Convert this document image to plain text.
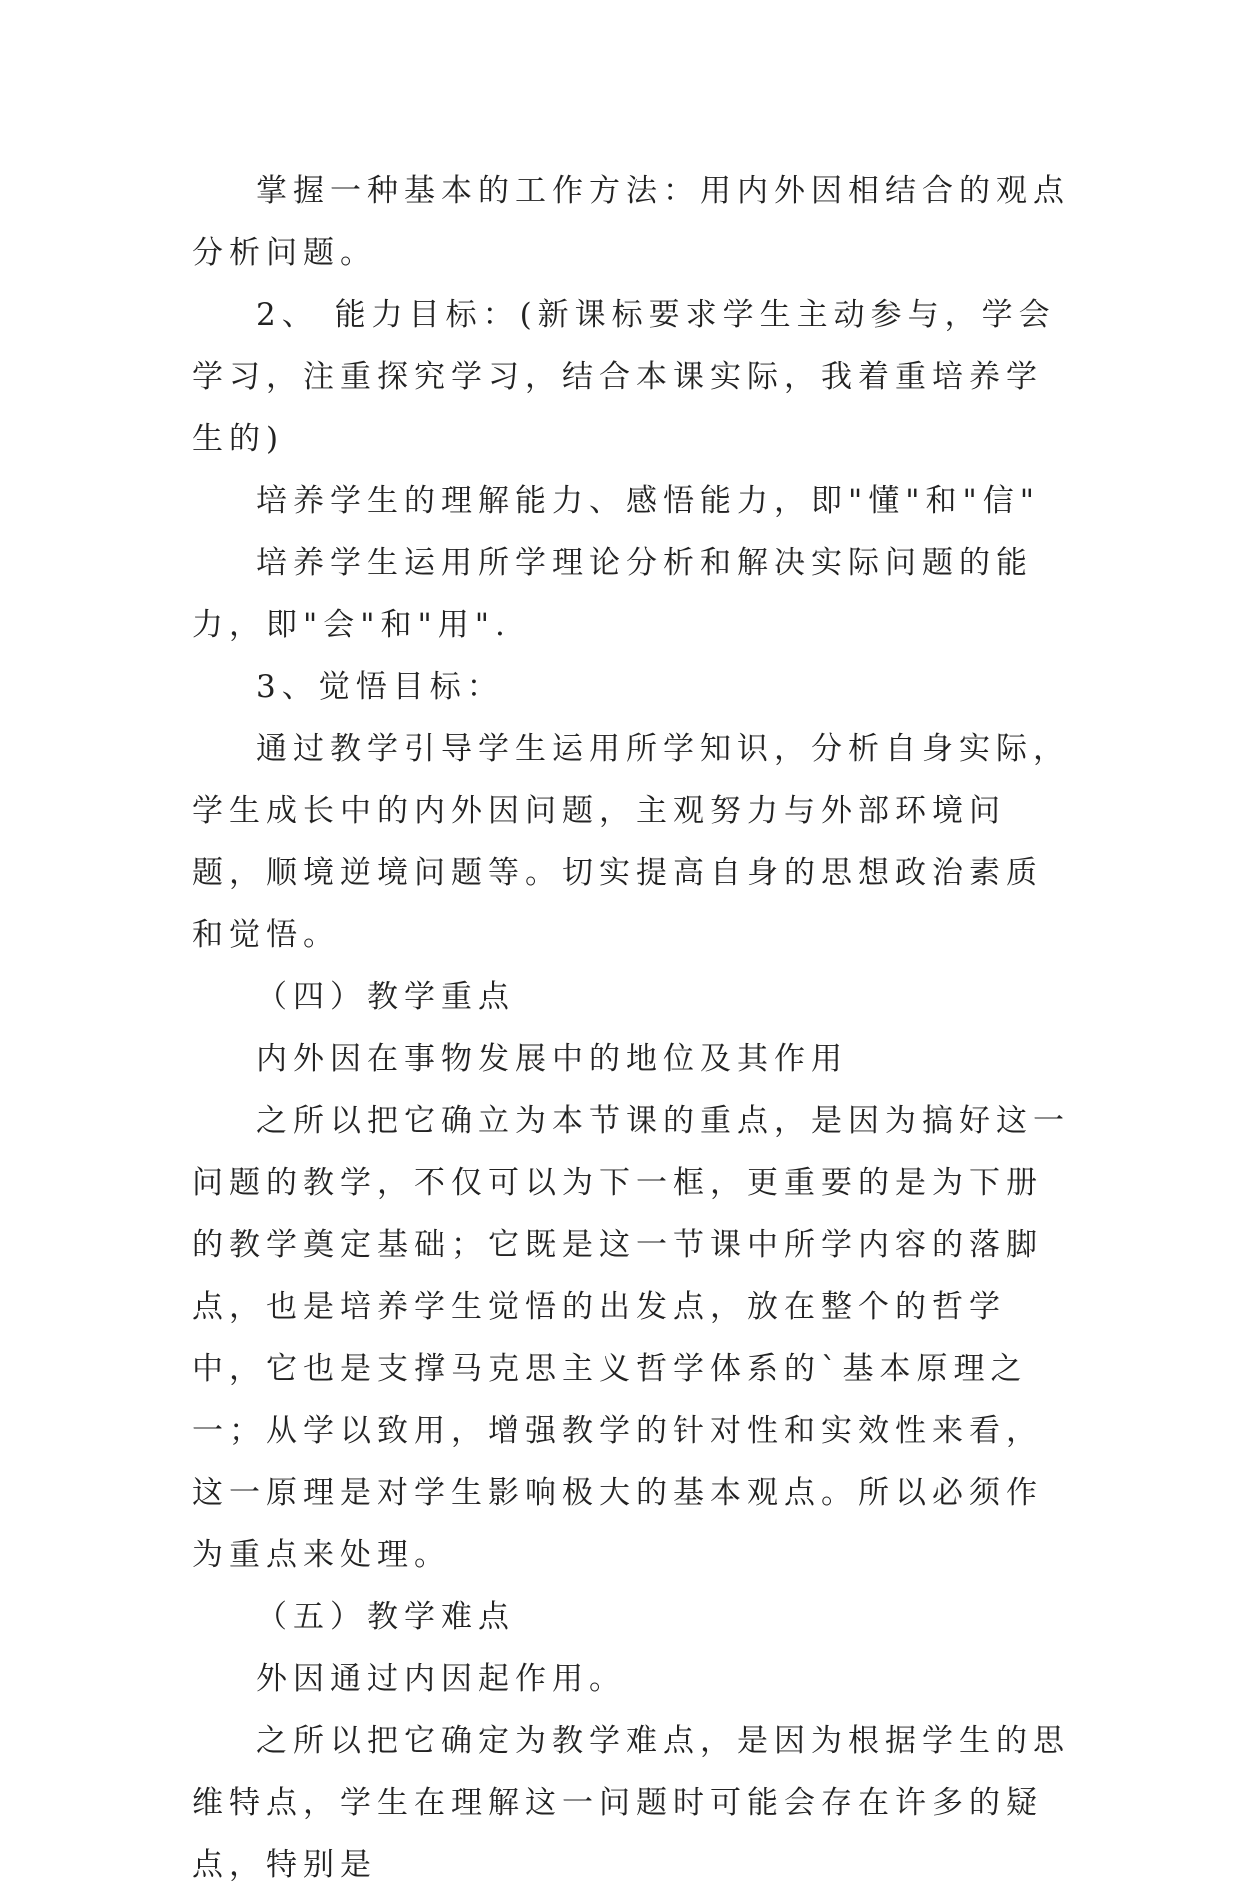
掌握一种基本的工作方法：用内外因相结合的观点分析问题。

2、 能力目标：(新课标要求学生主动参与，学会学习，注重探究学习，结合本课实际，我着重培养学生的)

培养学生的理解能力、感悟能力，即"懂"和"信"

培养学生运用所学理论分析和解决实际问题的能力，即"会"和"用".

3、觉悟目标：

通过教学引导学生运用所学知识，分析自身实际，学生成长中的内外因问题，主观努力与外部环境问题，顺境逆境问题等。切实提高自身的思想政治素质和觉悟。

（四）教学重点

内外因在事物发展中的地位及其作用

之所以把它确立为本节课的重点，是因为搞好这一问题的教学，不仅可以为下一框，更重要的是为下册的教学奠定基础；它既是这一节课中所学内容的落脚点，也是培养学生觉悟的出发点，放在整个的哲学中，它也是支撑马克思主义哲学体系的`基本原理之一；从学以致用，增强教学的针对性和实效性来看，这一原理是对学生影响极大的基本观点。所以必须作为重点来处理。

（五）教学难点

外因通过内因起作用。

之所以把它确定为教学难点，是因为根据学生的思维特点，学生在理解这一问题时可能会存在许多的疑点，特别是
